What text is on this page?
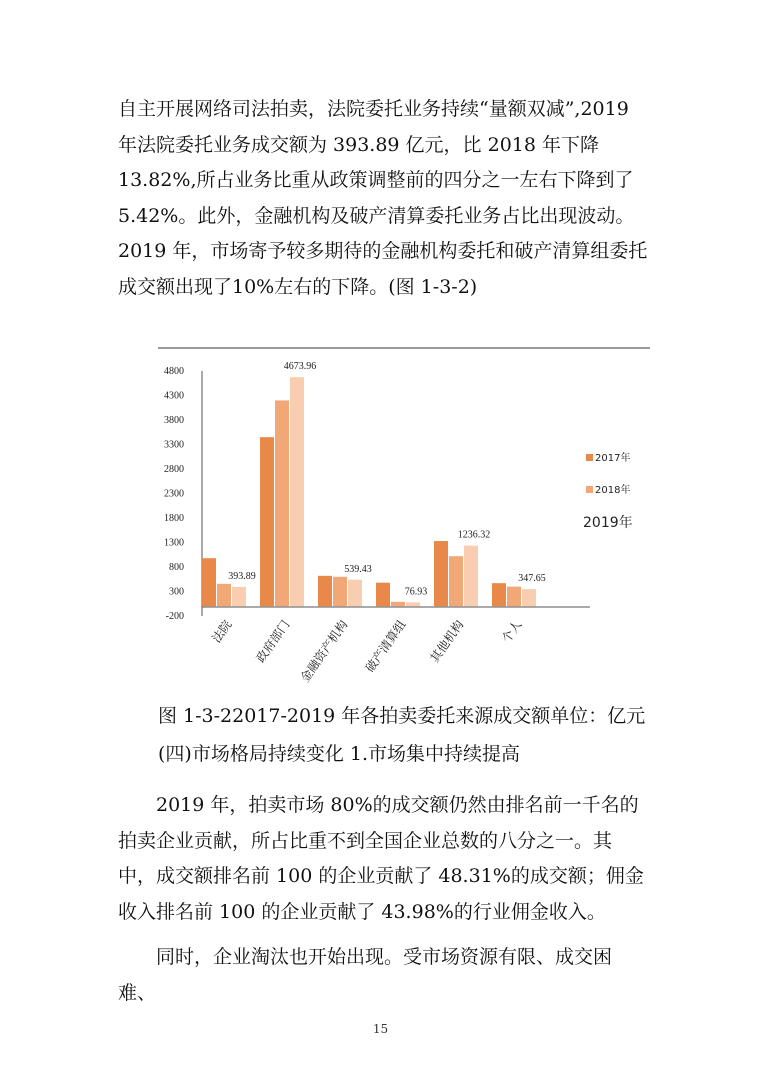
自主开展网络司法拍卖，法院委托业务持续“量额双减”,2019 年法院委托业务成交额为 393.89 亿元，比 2018 年下降 13.82%,所占业务比重从政策调整前的四分之一左右下降到了 5.42%。此外，金融机构及破产清算委托业务占比出现波动。2019 年，市场寄予较多期待的金融机构委托和破产清算组委托成交额出现了10%左右的下降。(图 1-3-2)

-200
300
800
1300
1800
2300
2800
3300
3800
4300
4800
393.89
4673.96
539.43
76.93
1236.32
347.65
法院 政府部门 金融资产机构 破产清算组 其他机构	个人
2017年
2018年
2019年
图 1-3-22017-2019 年各拍卖委托来源成交额单位：亿元
(四)市场格局持续变化 1.市场集中持续提高

2019 年，拍卖市场 80%的成交额仍然由排名前一千名的拍卖企业贡献，所占比重不到全国企业总数的八分之一。其中，成交额排名前 100 的企业贡献了 48.31%的成交额；佣金收入排名前 100 的企业贡献了 43.98%的行业佣金收入。

同时，企业淘汰也开始出现。受市场资源有限、成交困难、

15
